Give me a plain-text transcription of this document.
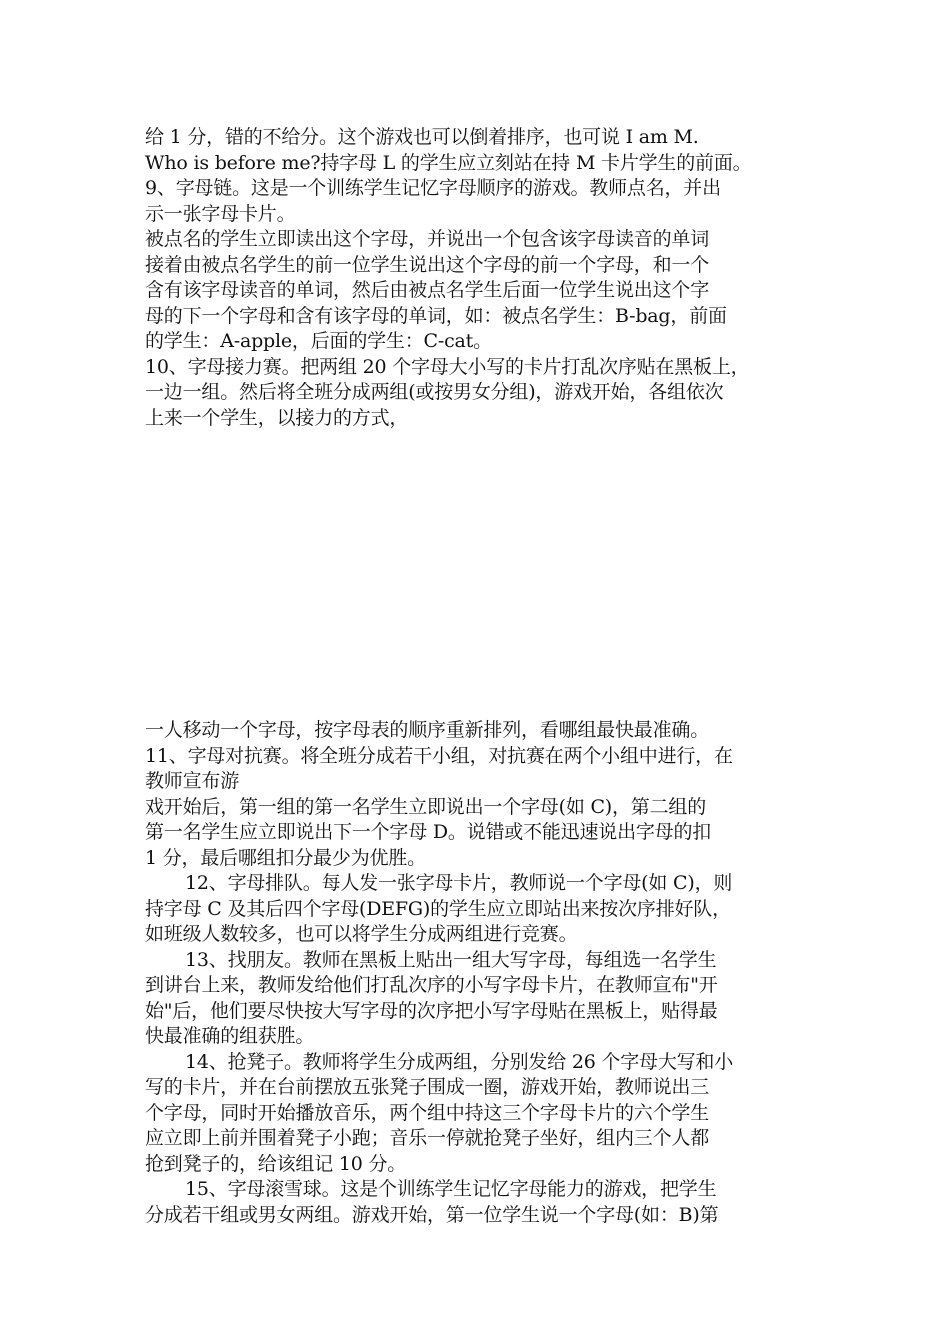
给 1 分，错的不给分。这个游戏也可以倒着排序，也可说 I am M.
Who is before me?持字母 L 的学生应立刻站在持 M 卡片学生的前面。
9、字母链。这是一个训练学生记忆字母顺序的游戏。教师点名，并出
示一张字母卡片。
被点名的学生立即读出这个字母，并说出一个包含该字母读音的单词
接着由被点名学生的前一位学生说出这个字母的前一个字母，和一个
含有该字母读音的单词，然后由被点名学生后面一位学生说出这个字
母的下一个字母和含有该字母的单词，如：被点名学生：B-bag，前面
的学生：A-apple，后面的学生：C-cat。
10、字母接力赛。把两组 20 个字母大小写的卡片打乱次序贴在黑板上，
一边一组。然后将全班分成两组(或按男女分组)，游戏开始，各组依次
上来一个学生，以接力的方式，
一人移动一个字母，按字母表的顺序重新排列，看哪组最快最准确。
11、字母对抗赛。将全班分成若干小组，对抗赛在两个小组中进行，在
教师宣布游
戏开始后，第一组的第一名学生立即说出一个字母(如 C)，第二组的
第一名学生应立即说出下一个字母 D。说错或不能迅速说出字母的扣
1 分，最后哪组扣分最少为优胜。
12、字母排队。每人发一张字母卡片，教师说一个字母(如 C)，则
持字母 C 及其后四个字母(DEFG)的学生应立即站出来按次序排好队，
如班级人数较多，也可以将学生分成两组进行竞赛。
13、找朋友。教师在黑板上贴出一组大写字母，每组选一名学生
到讲台上来，教师发给他们打乱次序的小写字母卡片，在教师宣布"开
始"后，他们要尽快按大写字母的次序把小写字母贴在黑板上，贴得最
快最准确的组获胜。
14、抢凳子。教师将学生分成两组，分别发给 26 个字母大写和小
写的卡片，并在台前摆放五张凳子围成一圈，游戏开始，教师说出三
个字母，同时开始播放音乐，两个组中持这三个字母卡片的六个学生
应立即上前并围着凳子小跑；音乐一停就抢凳子坐好，组内三个人都
抢到凳子的，给该组记 10 分。
15、字母滚雪球。这是个训练学生记忆字母能力的游戏，把学生
分成若干组或男女两组。游戏开始，第一位学生说一个字母(如：B)第
